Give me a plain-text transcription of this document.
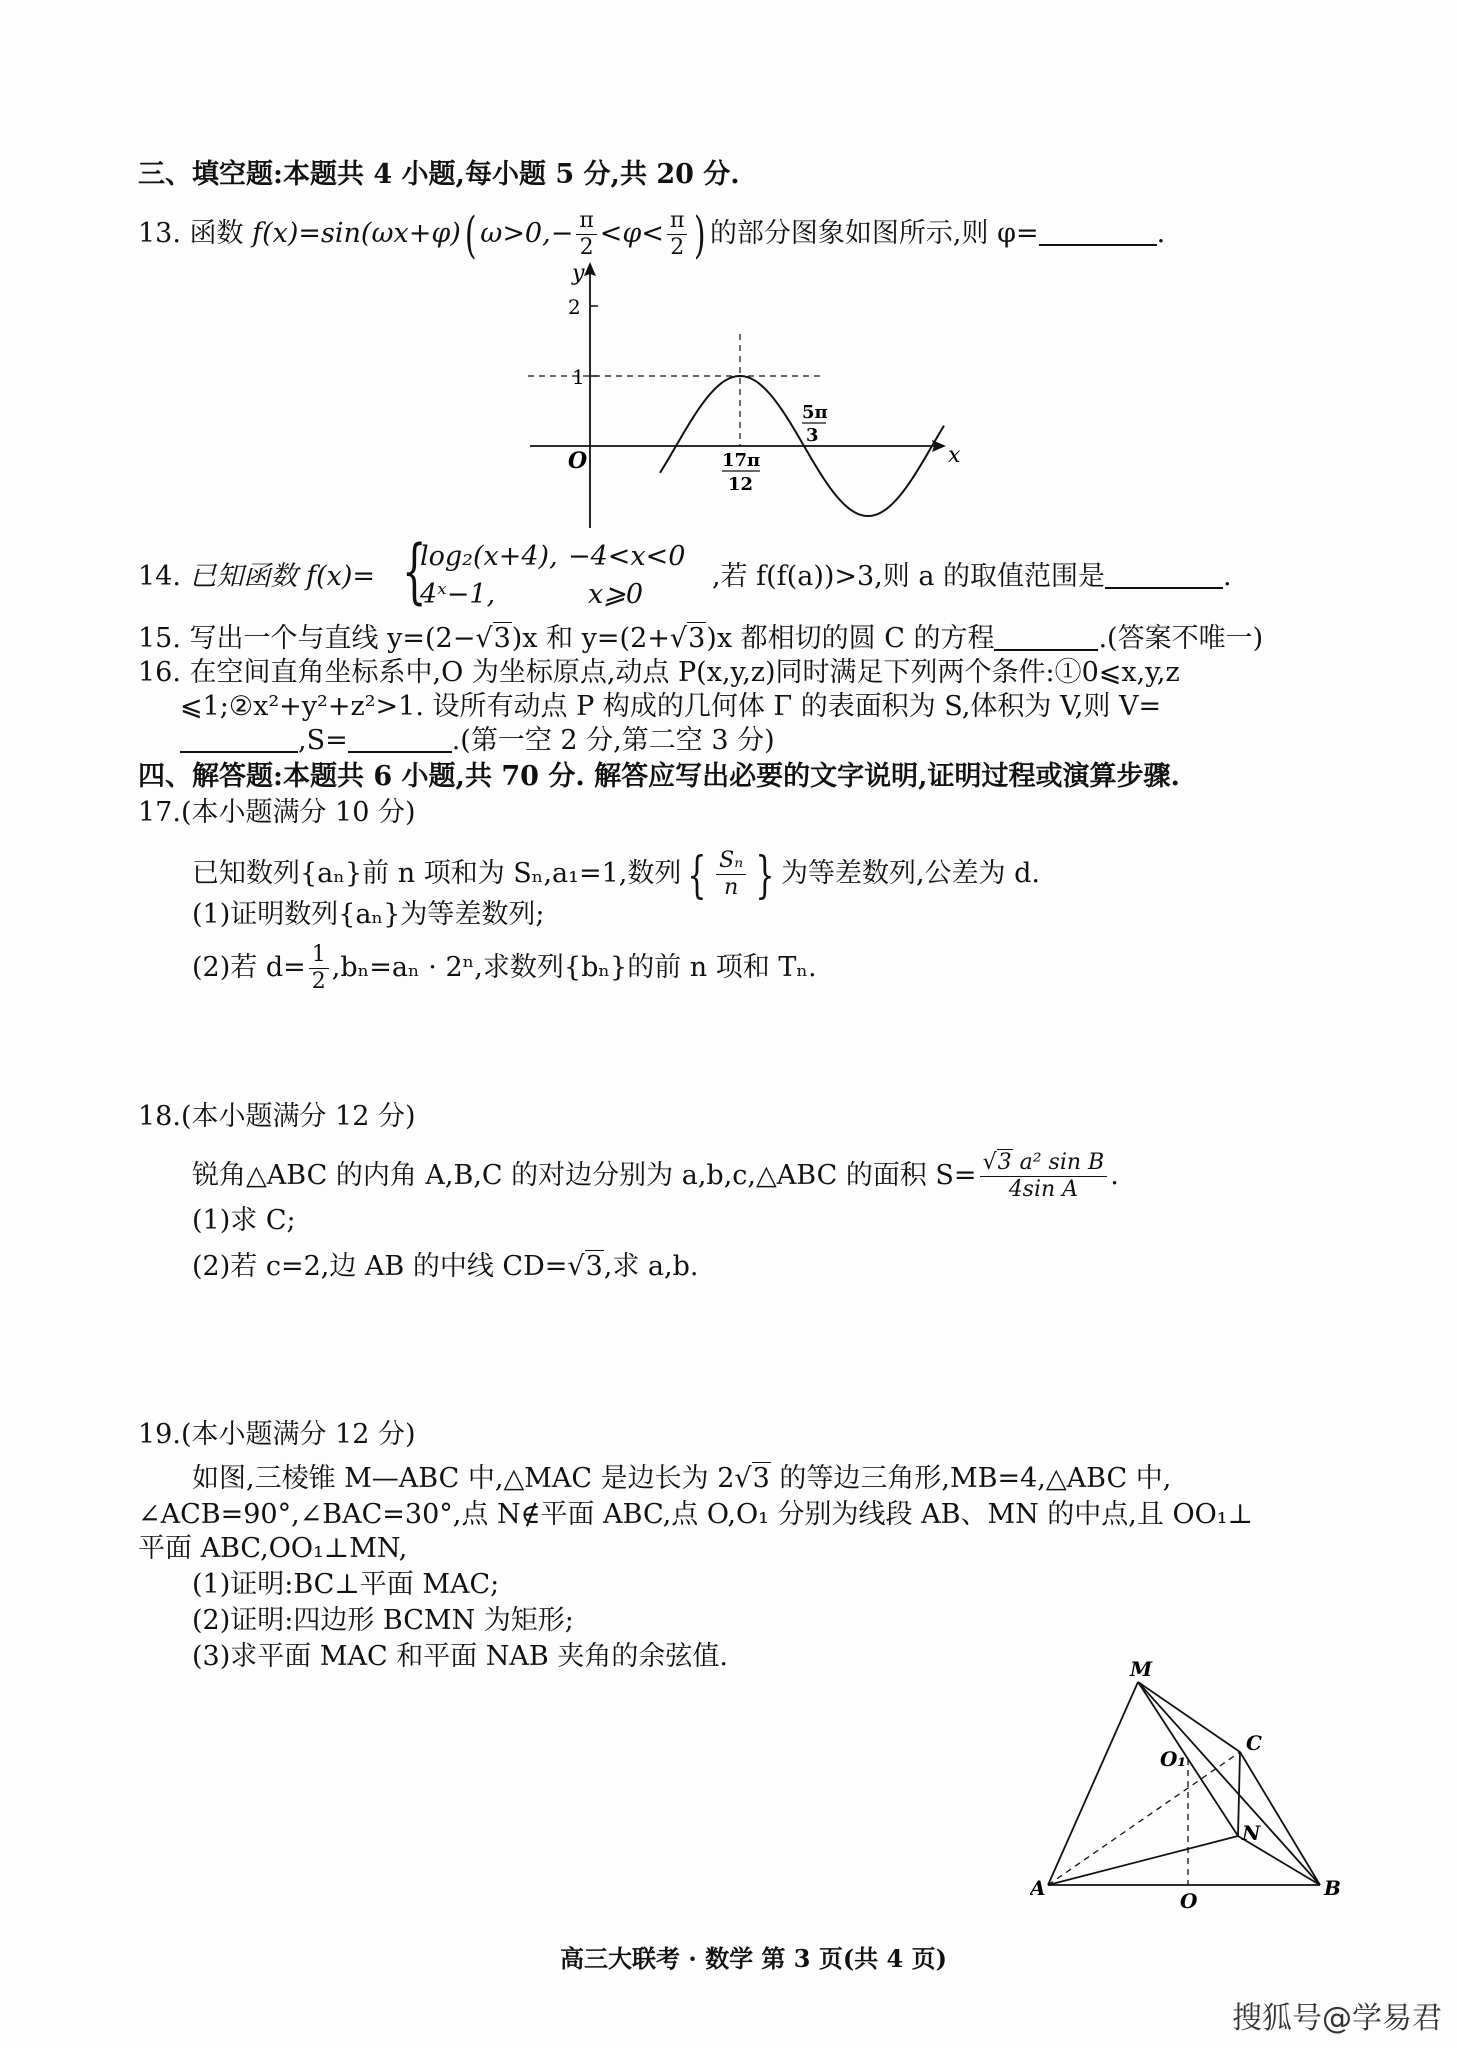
三、填空题:本题共 4 小题,每小题 5 分,共 20 分.
13. 函数 f(x)=sin(ωx+φ)( $\omega>0,- \frac{\pi}{2} <\varphi< \frac{\pi}{2}$ ) 的部分图象如图所示,则 φ=	.
y
x
O
2
1
17π
12
5π
3
14. 已知函数 f(x)= {
log₂(x+4), −4<x<0
4ˣ−1,	x⩾0
,若 f(f(a))>3,则 a 的取值范围是	.
15. 写出一个与直线 y=(2−√3)x 和 y=(2+√3)x 都相切的圆 C 的方程	.(答案不唯一)
16. 在空间直角坐标系中,O 为坐标原点,动点 P(x,y,z)同时满足下列两个条件:①0⩽x,y,z
⩽1;②x²+y²+z²>1. 设所有动点 P 构成的几何体 Γ 的表面积为 S,体积为 V,则 V=
,S=	.(第一空 2 分,第二空 3 分)
四、解答题:本题共 6 小题,共 70 分. 解答应写出必要的文字说明,证明过程或演算步骤.
17.(本小题满分 10 分)
已知数列{aₙ}前 n 项和为 Sₙ,a₁=1,数列 { $\frac{\text{Sₙ}}{n}$ } 为等差数列,公差为 d.
(1)证明数列{aₙ}为等差数列;
(2)若 $d= \frac{1}{2} ,b_n=a_n \cdot 2^n$,求数列{bₙ}的前 n 项和 Tₙ.
18.(本小题满分 12 分)
锐角△ABC 的内角 A,B,C 的对边分别为 a,b,c,△ABC 的面积 $S= \frac{\text{√3 a² sin B}}{\text{4sin A}}$ .
(1)求 C;
(2)若 c=2,边 AB 的中线 CD=√3,求 a,b.
19.(本小题满分 12 分)
如图,三棱锥 M—ABC 中,△MAC 是边长为 2√3 的等边三角形,MB=4,△ABC 中,
∠ACB=90°,∠BAC=30°,点 N∉平面 ABC,点 O,O₁ 分别为线段 AB、MN 的中点,且 OO₁⊥
平面 ABC,OO₁⊥MN,
(1)证明:BC⊥平面 MAC;
(2)证明:四边形 BCMN 为矩形;
(3)求平面 MAC 和平面 NAB 夹角的余弦值.	M
C
O₁
N
A	B
O
高三大联考 · 数学 第 3 页(共 4 页)
搜狐号@学易君
